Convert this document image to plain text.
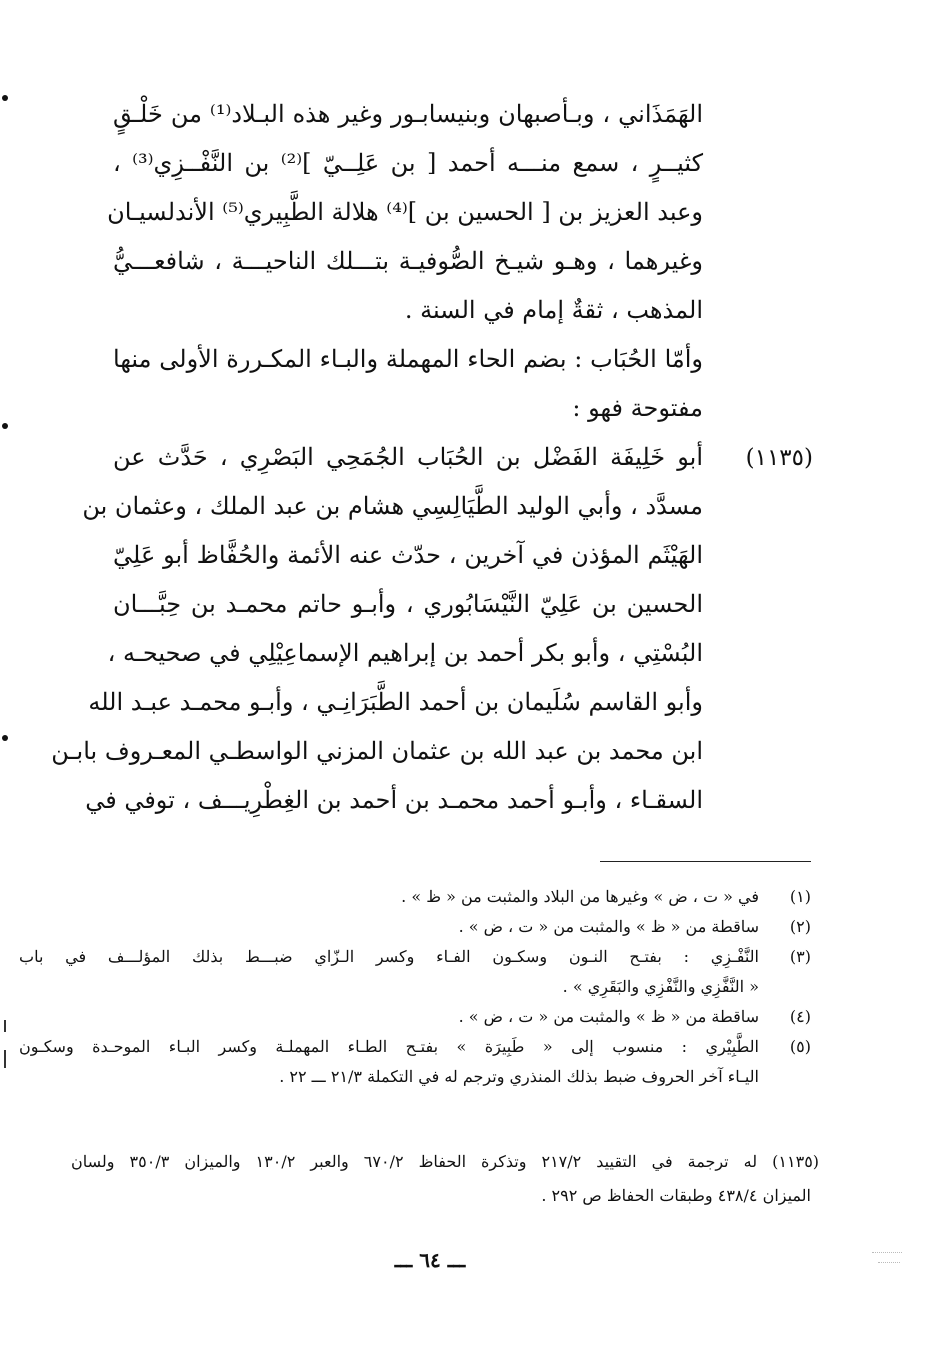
الهَمَذَاني ، وبـأصبهان وبنيسابـور وغير هذه البـلاد⁽¹⁾ من خَلْـقٍ
كثيــرٍ ، سمع منـــه أحمد [ بن عَلِــيّ ]⁽²⁾ بن النَّفْــزِي⁽³⁾ ،
وعبد العزيز بن [ الحسين بن ]⁽⁴⁾ هلالة الطَّبِيري⁽⁵⁾ الأندلسيـان
وغيرهما ، وهـو شيـخ الصُّوفيـة بتـــلك الناحيـــة ، شافعـــيُّ
المذهب ، ثقةٌ إمام في السنة .
وأمّا الحُبَاب : بضم الحاء المهملة والبـاء المكـررة الأولى منها
مفتوحة فهو :
أبو خَلِيفَة الفَضْل بن الحُبَاب الجُمَحِي البَصْرِي ، حَدَّث عن
مسدَّد ، وأبي الوليد الطَّيَالِسِي هشام بن عبد الملك ، وعثمان بن
الهَيْثَم المؤذن في آخرين ، حدّث عنه الأئمة والحُفَّاظ أبو عَلِيّ
الحسين بن عَلِيّ النَّيْسَابُوري ، وأبـو حاتم محمـد بن حِبَّـــان
البُسْتِي ، وأبو بكر أحمد بن إبراهيم الإسماعِيْلِي في صحيحـه ،
وأبو القاسم سُلَيمان بن أحمد الطَّبَرَانِـي ، وأبـو محمـد عبـد الله
ابن محمد بن عبد الله بن عثمان المزني الواسطـي المعـروف بابـن
السقـاء ، وأبـو أحمد محمـد بن أحمد بن الغِطْرِيـــف ، توفي في
(١١٣٥)
(١)
في « ت ، ض » وغيرها من البلاد والمثبت من « ظ » .
(٢)
ساقطة من « ظ » والمثبت من « ت ، ض » .
(٣)
النَّفْـزِي : بفتـح النـون وسكـون الفـاء وكسر الـزّاي ضبـــط بذلك المؤلـــف في باب
« النَّفَّزِي والنَّفْزِي والبَقَرِي » .
(٤)
ساقطة من « ظ » والمثبت من « ت ، ض » .
(٥)
الطَّبِيْري : منسوب إلى « طَبِيرَة » بفتـح الطـاء المهملـة وكسر البـاء الموحـدة وسكـون
اليـاء آخر الحروف ضبط بذلك المنذري وترجم له في التكملة ٢١/٣ ـــ ٢٢ .
(١١٣٥) له ترجمة في التقييد ٢١٧/٢ وتذكرة الحفاظ ٦٧٠/٢ والعبر ١٣٠/٢ والميزان ٣٥٠/٣ ولسان
الميزان ٤٣٨/٤ وطبقات الحفاظ ص ٢٩٢ .
ـــ ٦٤ ـــ
